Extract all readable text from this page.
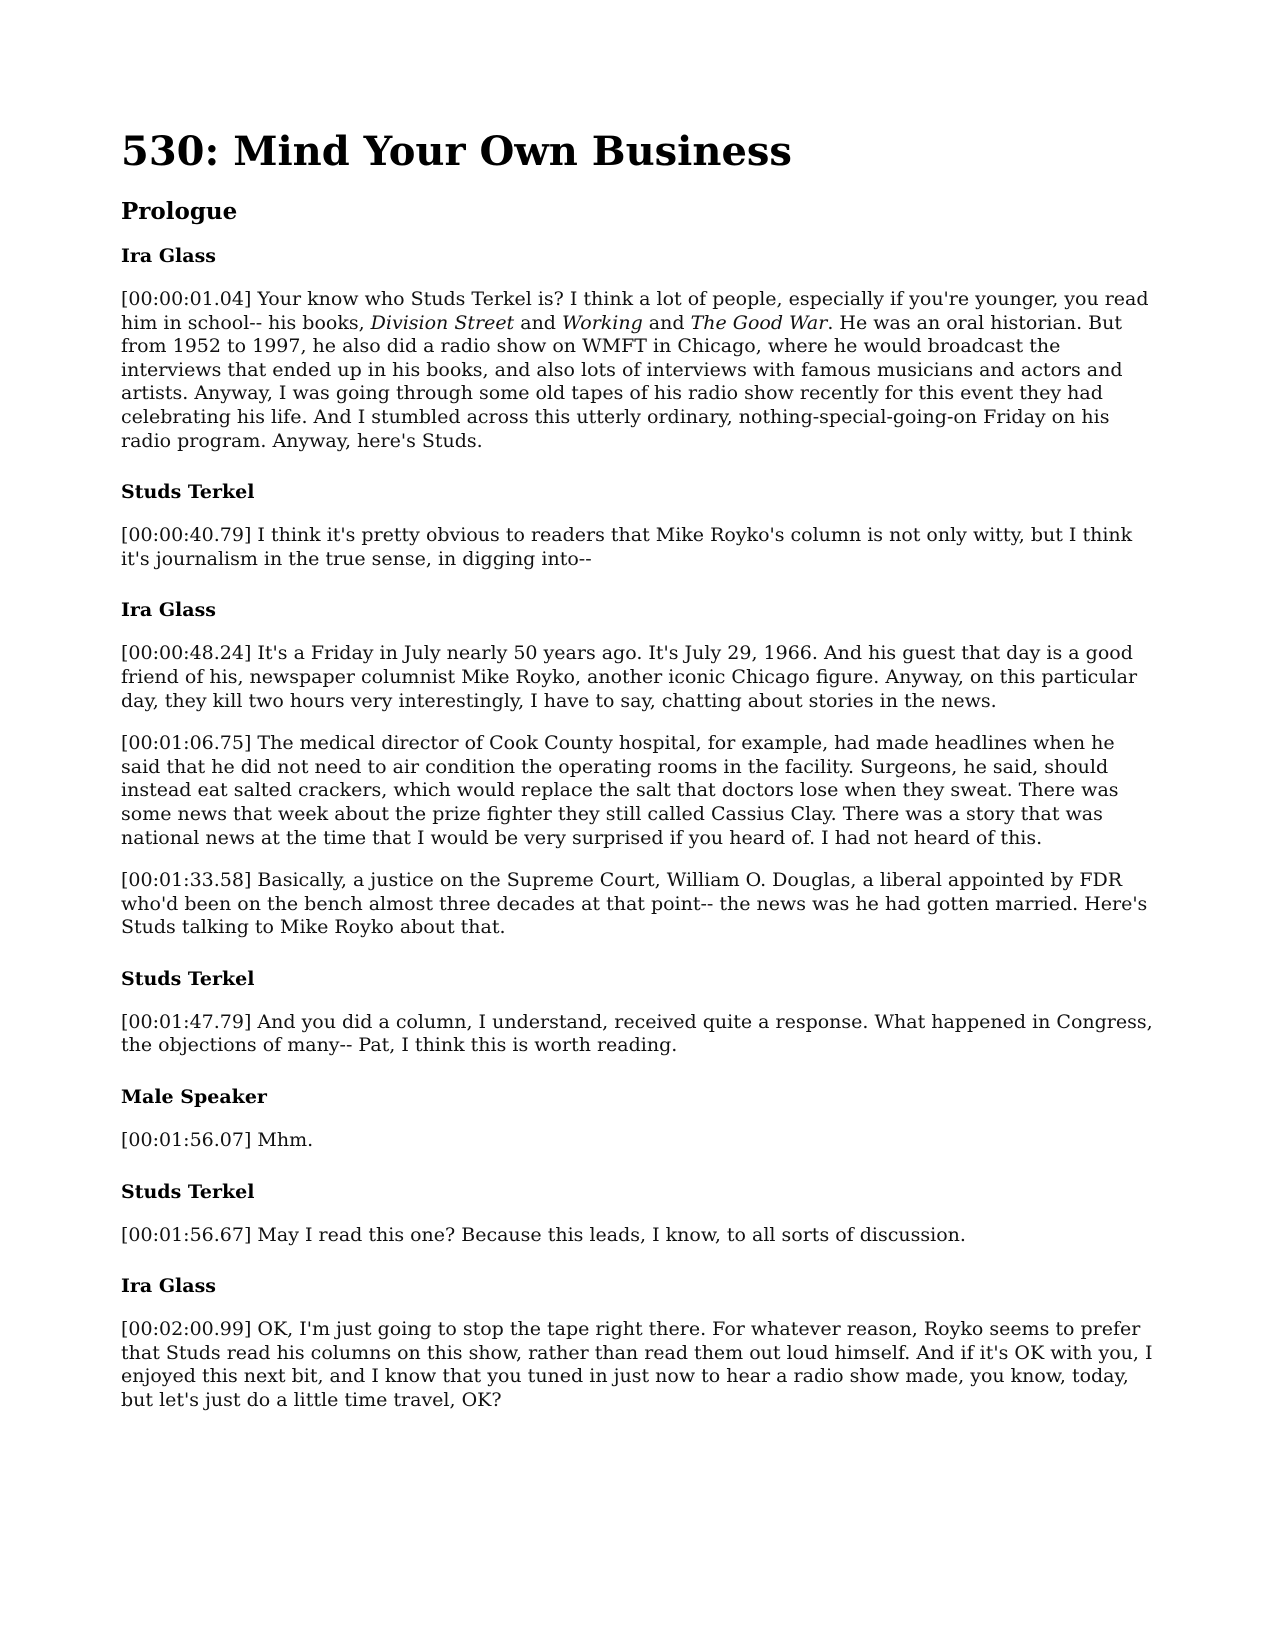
530: Mind Your Own Business
Prologue
Ira Glass

[00:00:01.04] Your know who Studs Terkel is? I think a lot of people, especially if you're younger, you read him in school-- his books, Division Street and Working and The Good War. He was an oral historian. But from 1952 to 1997, he also did a radio show on WMFT in Chicago, where he would broadcast the interviews that ended up in his books, and also lots of interviews with famous musicians and actors and artists. Anyway, I was going through some old tapes of his radio show recently for this event they had celebrating his life. And I stumbled across this utterly ordinary, nothing-special-going-on Friday on his radio program. Anyway, here's Studs.

Studs Terkel

[00:00:40.79] I think it's pretty obvious to readers that Mike Royko's column is not only witty, but I think it's journalism in the true sense, in digging into--

Ira Glass

[00:00:48.24] It's a Friday in July nearly 50 years ago. It's July 29, 1966. And his guest that day is a good friend of his, newspaper columnist Mike Royko, another iconic Chicago figure. Anyway, on this particular day, they kill two hours very interestingly, I have to say, chatting about stories in the news.

[00:01:06.75] The medical director of Cook County hospital, for example, had made headlines when he said that he did not need to air condition the operating rooms in the facility. Surgeons, he said, should instead eat salted crackers, which would replace the salt that doctors lose when they sweat. There was some news that week about the prize fighter they still called Cassius Clay. There was a story that was national news at the time that I would be very surprised if you heard of. I had not heard of this.

[00:01:33.58] Basically, a justice on the Supreme Court, William O. Douglas, a liberal appointed by FDR who'd been on the bench almost three decades at that point-- the news was he had gotten married. Here's Studs talking to Mike Royko about that.

Studs Terkel

[00:01:47.79] And you did a column, I understand, received quite a response. What happened in Congress, the objections of many-- Pat, I think this is worth reading.

Male Speaker

[00:01:56.07] Mhm.

Studs Terkel

[00:01:56.67] May I read this one? Because this leads, I know, to all sorts of discussion.

Ira Glass

[00:02:00.99] OK, I'm just going to stop the tape right there. For whatever reason, Royko seems to prefer that Studs read his columns on this show, rather than read them out loud himself. And if it's OK with you, I enjoyed this next bit, and I know that you tuned in just now to hear a radio show made, you know, today, but let's just do a little time travel, OK?
